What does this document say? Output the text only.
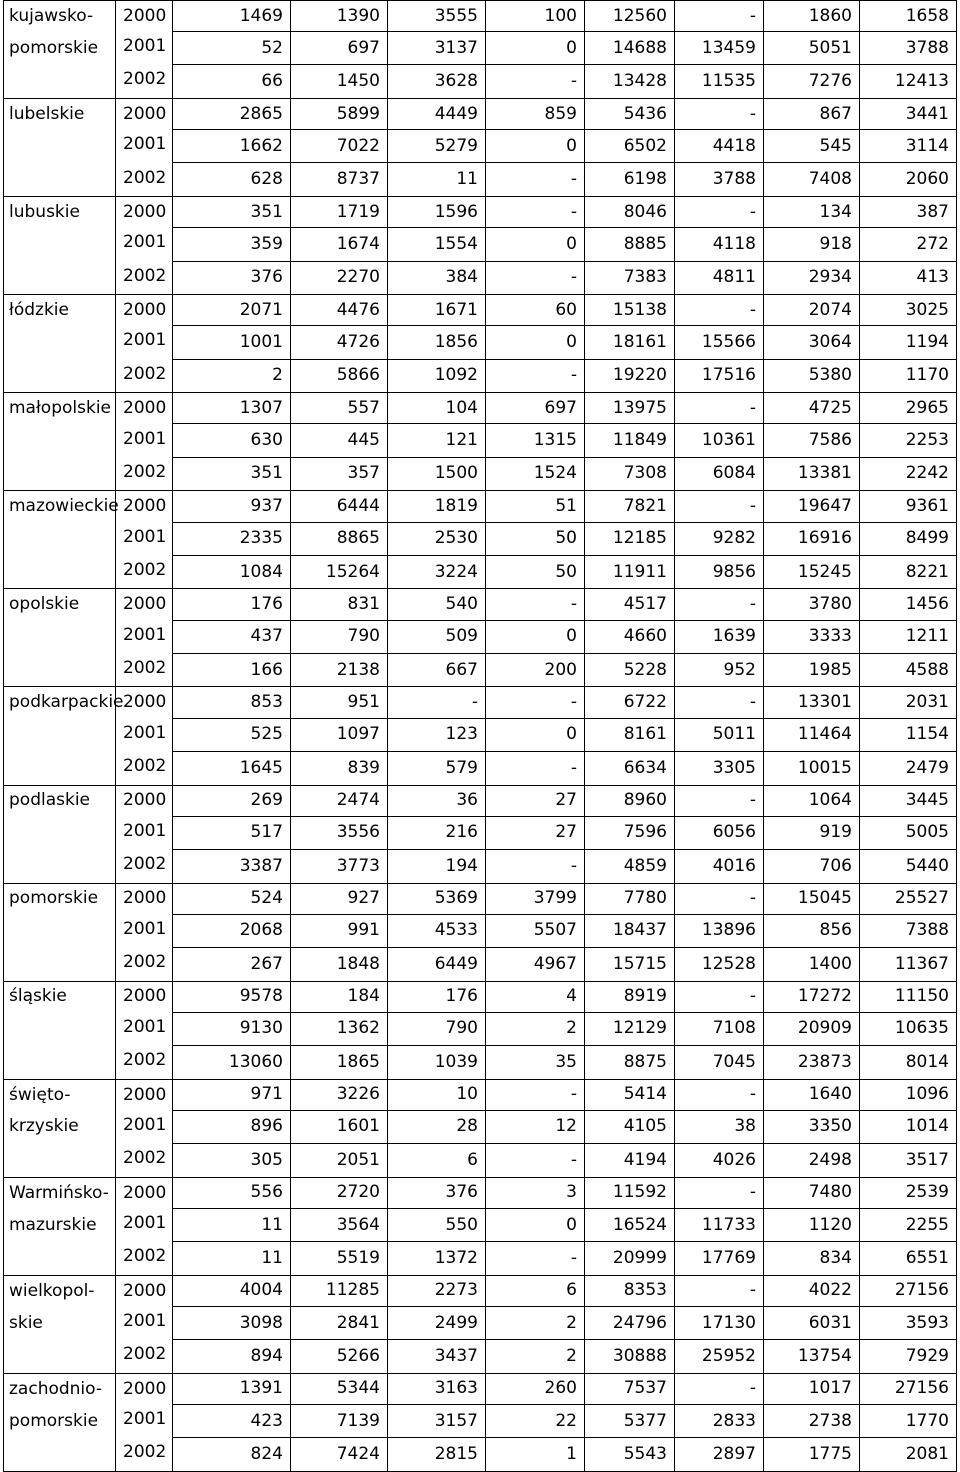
kujawsko-	2000	1469	1390	3555	100	12560	-	1860	1658
pomorskie	2001	52	697	3137	0	14688	13459	5051	3788
	2002	66	1450	3628	-	13428	11535	7276	12413
lubelskie	2000	2865	5899	4449	859	5436	-	867	3441
	2001	1662	7022	5279	0	6502	4418	545	3114
	2002	628	8737	11	-	6198	3788	7408	2060
lubuskie	2000	351	1719	1596	-	8046	-	134	387
	2001	359	1674	1554	0	8885	4118	918	272
	2002	376	2270	384	-	7383	4811	2934	413
łódzkie	2000	2071	4476	1671	60	15138	-	2074	3025
	2001	1001	4726	1856	0	18161	15566	3064	1194
	2002	2	5866	1092	-	19220	17516	5380	1170
małopolskie	2000	1307	557	104	697	13975	-	4725	2965
	2001	630	445	121	1315	11849	10361	7586	2253
	2002	351	357	1500	1524	7308	6084	13381	2242
mazowieckie	2000	937	6444	1819	51	7821	-	19647	9361
	2001	2335	8865	2530	50	12185	9282	16916	8499
	2002	1084	15264	3224	50	11911	9856	15245	8221
opolskie	2000	176	831	540	-	4517	-	3780	1456
	2001	437	790	509	0	4660	1639	3333	1211
	2002	166	2138	667	200	5228	952	1985	4588
podkarpackie	2000	853	951	-	-	6722	-	13301	2031
	2001	525	1097	123	0	8161	5011	11464	1154
	2002	1645	839	579	-	6634	3305	10015	2479
podlaskie	2000	269	2474	36	27	8960	-	1064	3445
	2001	517	3556	216	27	7596	6056	919	5005
	2002	3387	3773	194	-	4859	4016	706	5440
pomorskie	2000	524	927	5369	3799	7780	-	15045	25527
	2001	2068	991	4533	5507	18437	13896	856	7388
	2002	267	1848	6449	4967	15715	12528	1400	11367
śląskie	2000	9578	184	176	4	8919	-	17272	11150
	2001	9130	1362	790	2	12129	7108	20909	10635
	2002	13060	1865	1039	35	8875	7045	23873	8014
święto-	2000	971	3226	10	-	5414	-	1640	1096
krzyskie	2001	896	1601	28	12	4105	38	3350	1014
	2002	305	2051	6	-	4194	4026	2498	3517
Warmińsko-	2000	556	2720	376	3	11592	-	7480	2539
mazurskie	2001	11	3564	550	0	16524	11733	1120	2255
	2002	11	5519	1372	-	20999	17769	834	6551
wielkopol-	2000	4004	11285	2273	6	8353	-	4022	27156
skie	2001	3098	2841	2499	2	24796	17130	6031	3593
	2002	894	5266	3437	2	30888	25952	13754	7929
zachodnio-	2000	1391	5344	3163	260	7537	-	1017	27156
pomorskie	2001	423	7139	3157	22	5377	2833	2738	1770
	2002	824	7424	2815	1	5543	2897	1775	2081
